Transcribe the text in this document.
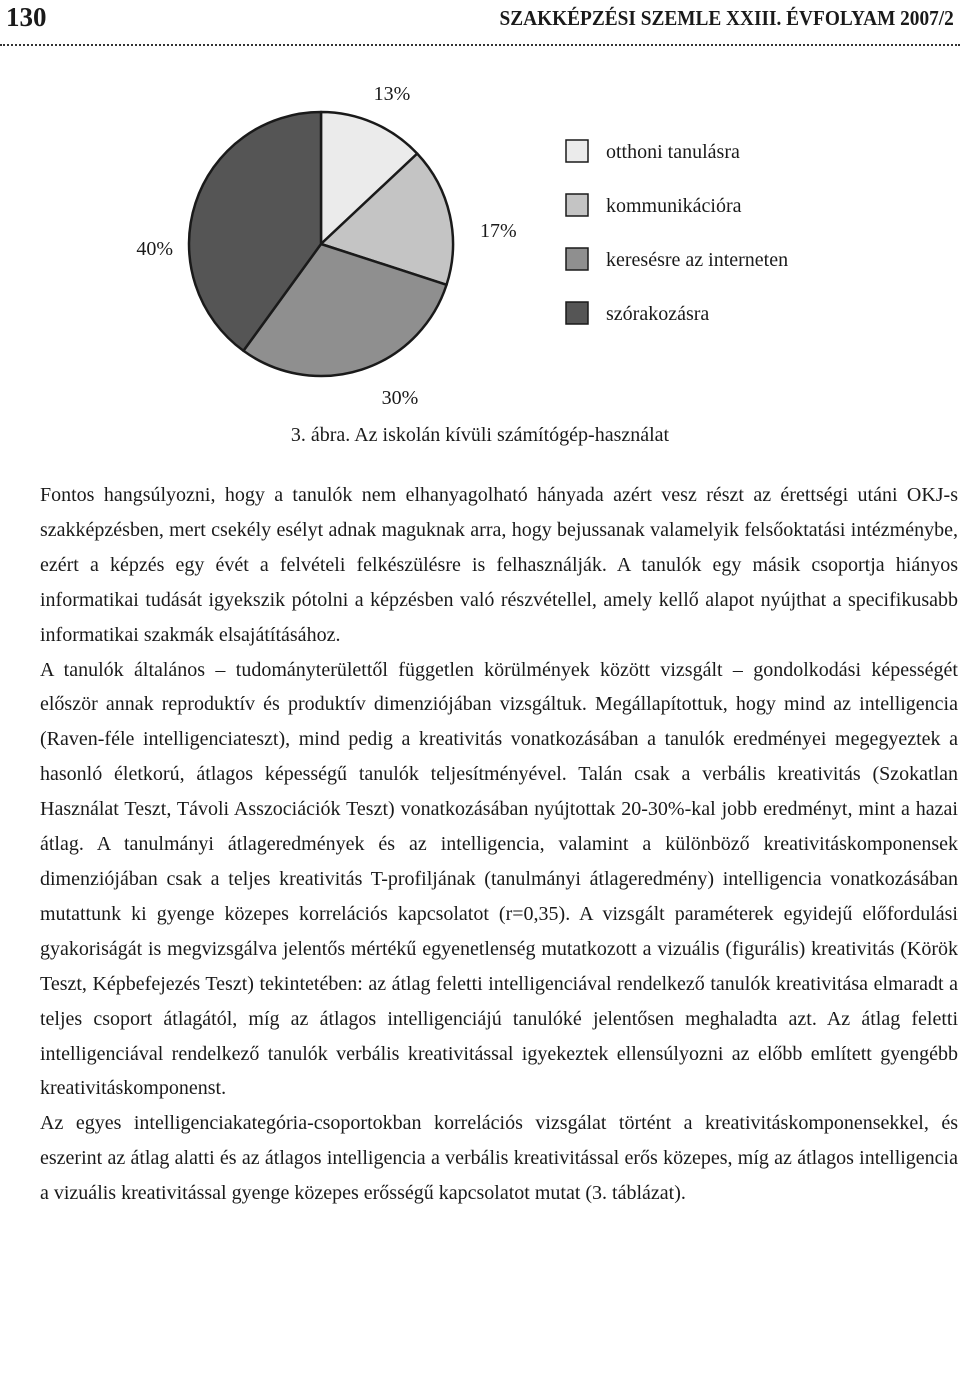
130	SZAKKÉPZÉSI SZEMLE XXIII. ÉVFOLYAM 2007/2
13%
17%
30%
40%
otthoni tanulásra
kommunikációra
keresésre az interneten
szórakozásra
3. ábra. Az iskolán kívüli számítógép-használat

Fontos hangsúlyozni, hogy a tanulók nem elhanyagolható hányada azért vesz részt az érettségi utáni OKJ-s szakképzésben, mert csekély esélyt adnak maguknak arra, hogy bejussanak valamelyik felsőoktatási intézménybe, ezért a képzés egy évét a felvételi felkészülésre is felhasználják. A tanulók egy másik csoportja hiányos informatikai tudását igyekszik pótolni a képzésben való részvétellel, amely kellő alapot nyújthat a specifikusabb informatikai szakmák elsajátításához.

A tanulók általános – tudományterülettől független körülmények között vizsgált – gondolkodási képességét először annak reproduktív és produktív dimenziójában vizsgáltuk. Megállapítottuk, hogy mind az intelligencia (Raven-féle intelligenciateszt), mind pedig a kreativitás vonatkozásában a tanulók eredményei megegyeztek a hasonló életkorú, átlagos képességű tanulók teljesítményével. Talán csak a verbális kreativitás (Szokatlan Használat Teszt, Távoli Asszociációk Teszt) vonatkozásában nyújtottak 20-30%-kal jobb eredményt, mint a hazai átlag. A tanulmányi átlageredmények és az intelligencia, valamint a különböző kreativitáskomponensek dimenziójában csak a teljes kreativitás T-profiljának (tanulmányi átlageredmény) intelligencia vonatkozásában mutattunk ki gyenge közepes korrelációs kapcsolatot (r=0,35). A vizsgált paraméterek egyidejű előfordulási gyakoriságát is megvizsgálva jelentős mértékű egyenetlenség mutatkozott a vizuális (figurális) kreativitás (Körök Teszt, Képbefejezés Teszt) tekintetében: az átlag feletti intelligenciával rendelkező tanulók kreativitása elmaradt a teljes csoport átlagától, míg az átlagos intelligenciájú tanulóké jelentősen meghaladta azt. Az átlag feletti intelligenciával rendelkező tanulók verbális kreativitással igyekeztek ellensúlyozni az előbb említett gyengébb kreativitáskomponenst.

Az egyes intelligenciakategória-csoportokban korrelációs vizsgálat történt a kreativitáskomponensekkel, és eszerint az átlag alatti és az átlagos intelligencia a verbális kreativitással erős közepes, míg az átlagos intelligencia a vizuális kreativitással gyenge közepes erősségű kapcsolatot mutat (3. táblázat).
